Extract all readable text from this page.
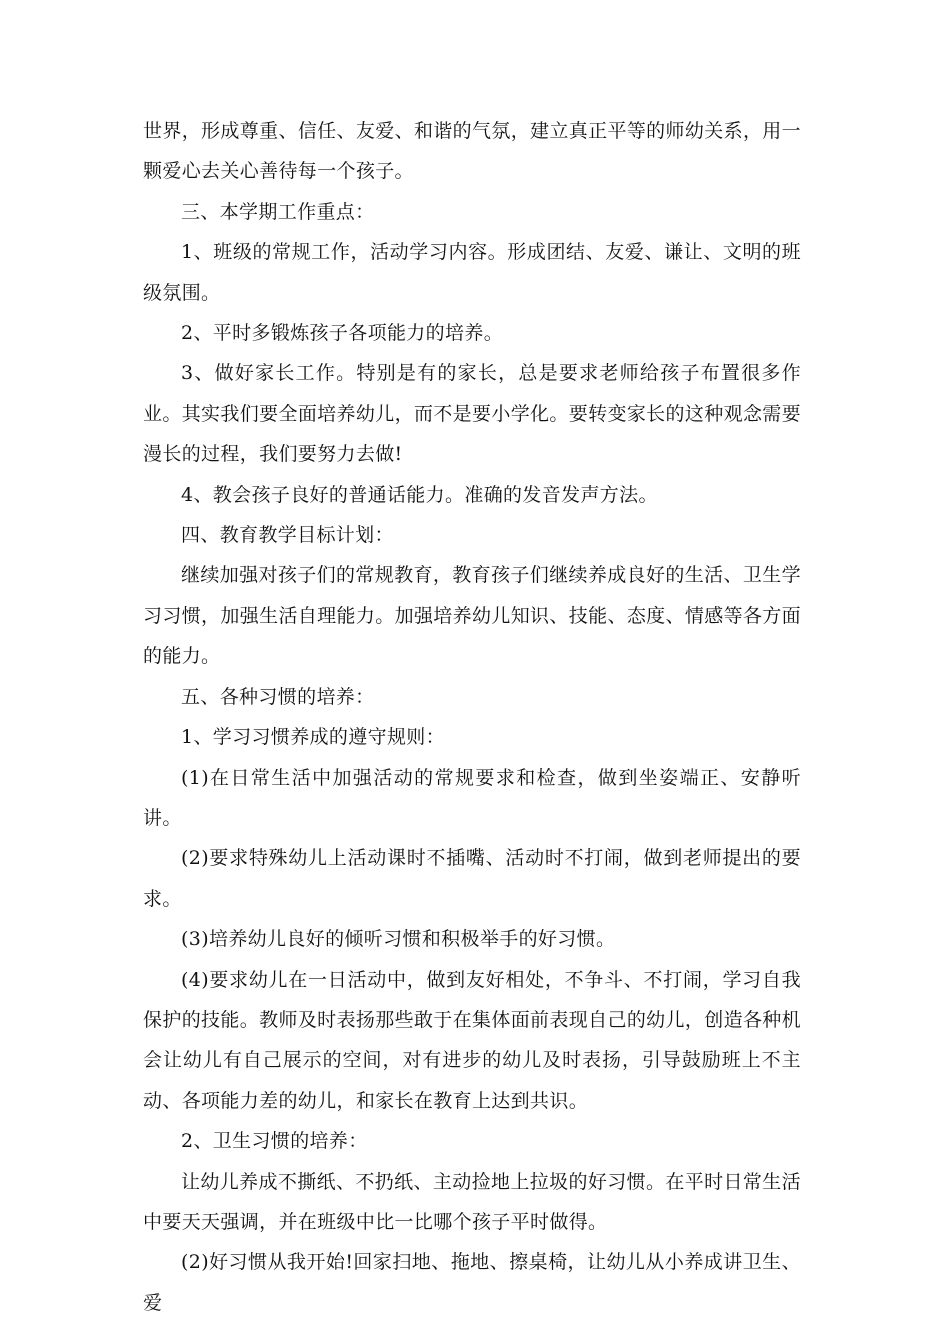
世界，形成尊重、信任、友爱、和谐的气氛，建立真正平等的师幼关系，用一颗爱心去关心善待每一个孩子。

三、本学期工作重点：

1、班级的常规工作，活动学习内容。形成团结、友爱、谦让、文明的班级氛围。

2、平时多锻炼孩子各项能力的培养。

3、做好家长工作。特别是有的家长，总是要求老师给孩子布置很多作业。其实我们要全面培养幼儿，而不是要小学化。要转变家长的这种观念需要漫长的过程，我们要努力去做!

4、教会孩子良好的普通话能力。准确的发音发声方法。

四、教育教学目标计划：

继续加强对孩子们的常规教育，教育孩子们继续养成良好的生活、卫生学习习惯，加强生活自理能力。加强培养幼儿知识、技能、态度、情感等各方面的能力。

五、各种习惯的培养：

1、学习习惯养成的遵守规则：

(1)在日常生活中加强活动的常规要求和检查，做到坐姿端正、安静听讲。

(2)要求特殊幼儿上活动课时不插嘴、活动时不打闹，做到老师提出的要求。

(3)培养幼儿良好的倾听习惯和积极举手的好习惯。

(4)要求幼儿在一日活动中，做到友好相处，不争斗、不打闹，学习自我保护的技能。教师及时表扬那些敢于在集体面前表现自己的幼儿，创造各种机会让幼儿有自己展示的空间，对有进步的幼儿及时表扬，引导鼓励班上不主动、各项能力差的幼儿，和家长在教育上达到共识。

2、卫生习惯的培养：

让幼儿养成不撕纸、不扔纸、主动捡地上拉圾的好习惯。在平时日常生活中要天天强调，并在班级中比一比哪个孩子平时做得。

(2)好习惯从我开始!回家扫地、拖地、擦桌椅，让幼儿从小养成讲卫生、爱
